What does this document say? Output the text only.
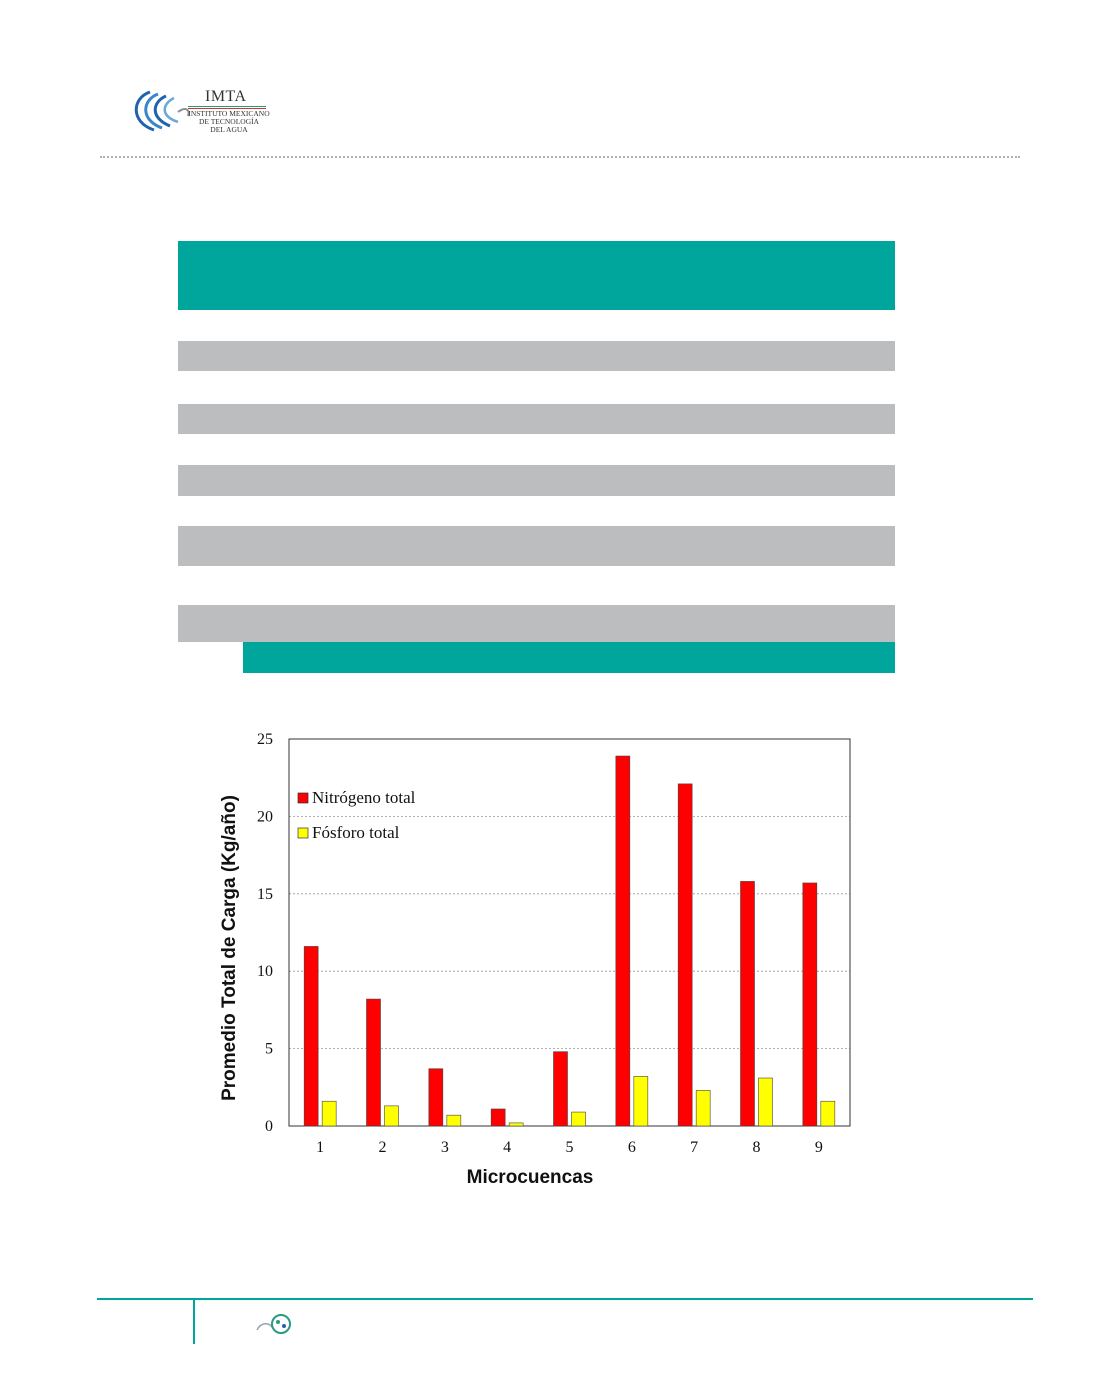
IMTA
INSTITUTO MEXICANO
DE TECNOLOGÍA
DEL AGUA
0
5
10
15
20
25
1	2	3	4	5	6	7	8	9
Microcuencas
Promedio Total de Carga (Kg/año)	Nitrógeno total
Fósforo total
